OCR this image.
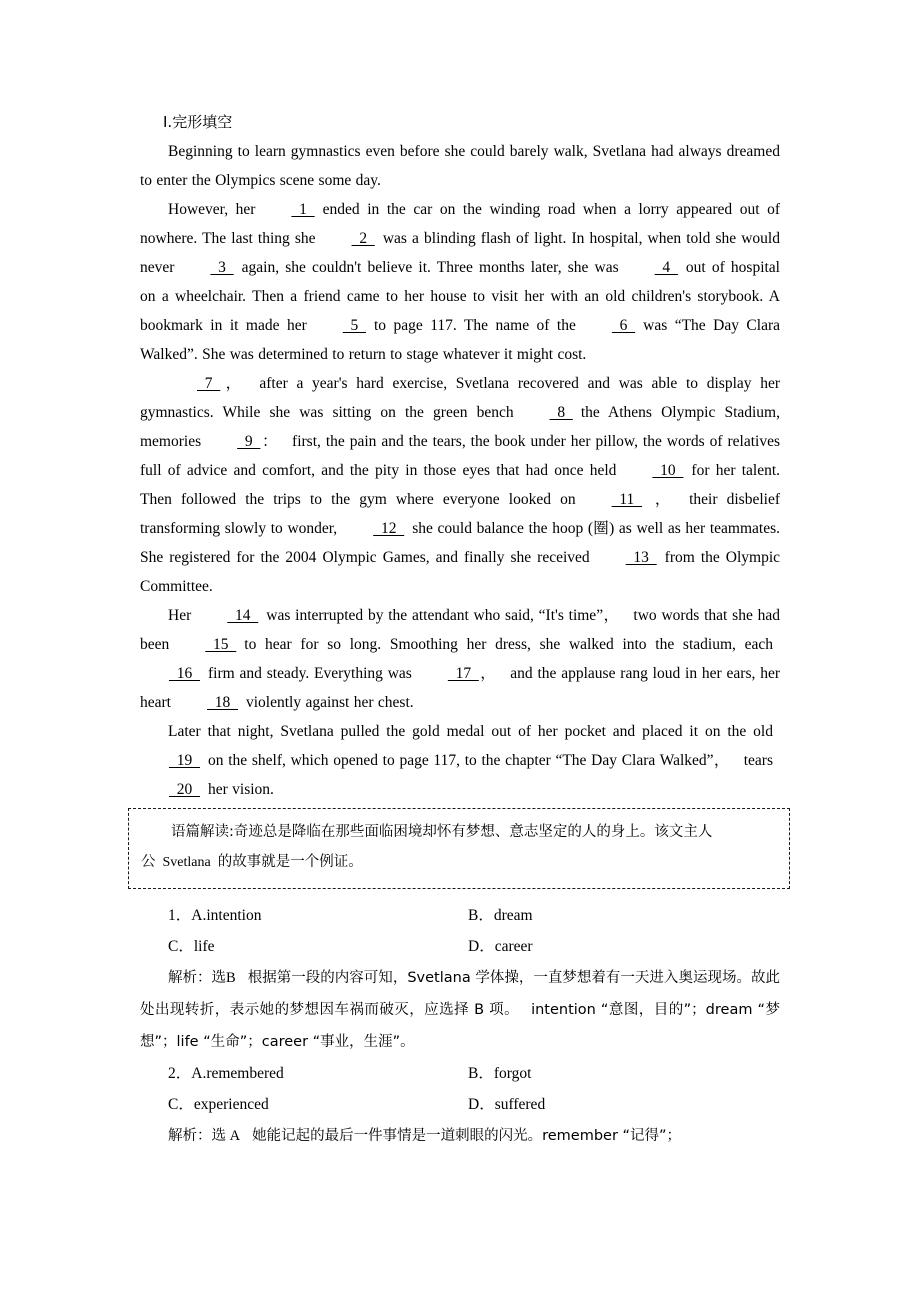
Ⅰ.完形填空

Beginning to learn gymnastics even before she could barely walk, Svetlana had always dreamed to enter the Olympics scene some day.

However, her 1 ended in the car on the winding road when a lorry appeared out of nowhere. The last thing she 2 was a blinding flash of light. In hospital, when told she would never 3 again, she couldn't believe it. Three months later, she was 4 out of hospital on a wheelchair. Then a friend came to her house to visit her with an old children's storybook. A bookmark in it made her 5 to page 117. The name of the 6 was “The Day Clara Walked”. She was determined to return to stage whatever it might cost.

 7 ， after a year's hard exercise, Svetlana recovered and was able to display her gymnastics. While she was sitting on the green bench 8 the Athens Olympic Stadium, memories 9 ： first, the pain and the tears, the book under her pillow, the words of relatives full of advice and comfort, and the pity in those eyes that had once held 10 for her talent. Then followed the trips to the gym where everyone looked on 11 ， their disbelief transforming slowly to wonder, 12 she could balance the hoop (圈) as well as her teammates. She registered for the 2004 Olympic Games, and finally she received 13 from the Olympic Committee.

Her 14 was interrupted by the attendant who said, “It's time”， two words that she had been 15 to hear for so long. Smoothing her dress, she walked into the stadium, each 16 firm and steady. Everything was 17 ， and the applause rang loud in her ears, her heart 18 violently against her chest.

Later that night, Svetlana pulled the gold medal out of her pocket and placed it on the old 19 on the shelf, which opened to page 117, to the chapter “The Day Clara Walked”， tears 20 her vision.

语篇解读:奇迹总是降临在那些面临困境却怀有梦想、意志坚定的人的身上。该文主人

公 Svetlana 的故事就是一个例证。

1．A.intention	B．dream
C．life	D．career

解析：选B 根据第一段的内容可知，Svetlana 学体操，一直梦想着有一天进入奥运现场。故此处出现转折，表示她的梦想因车祸而破灭，应选择 B 项。 intention “意图，目的”；dream “梦想”；life “生命”；career “事业，生涯”。

2．A.remembered	B．forgot
C．experienced	D．suffered

解析：选 A 她能记起的最后一件事情是一道刺眼的闪光。remember “记得”；
